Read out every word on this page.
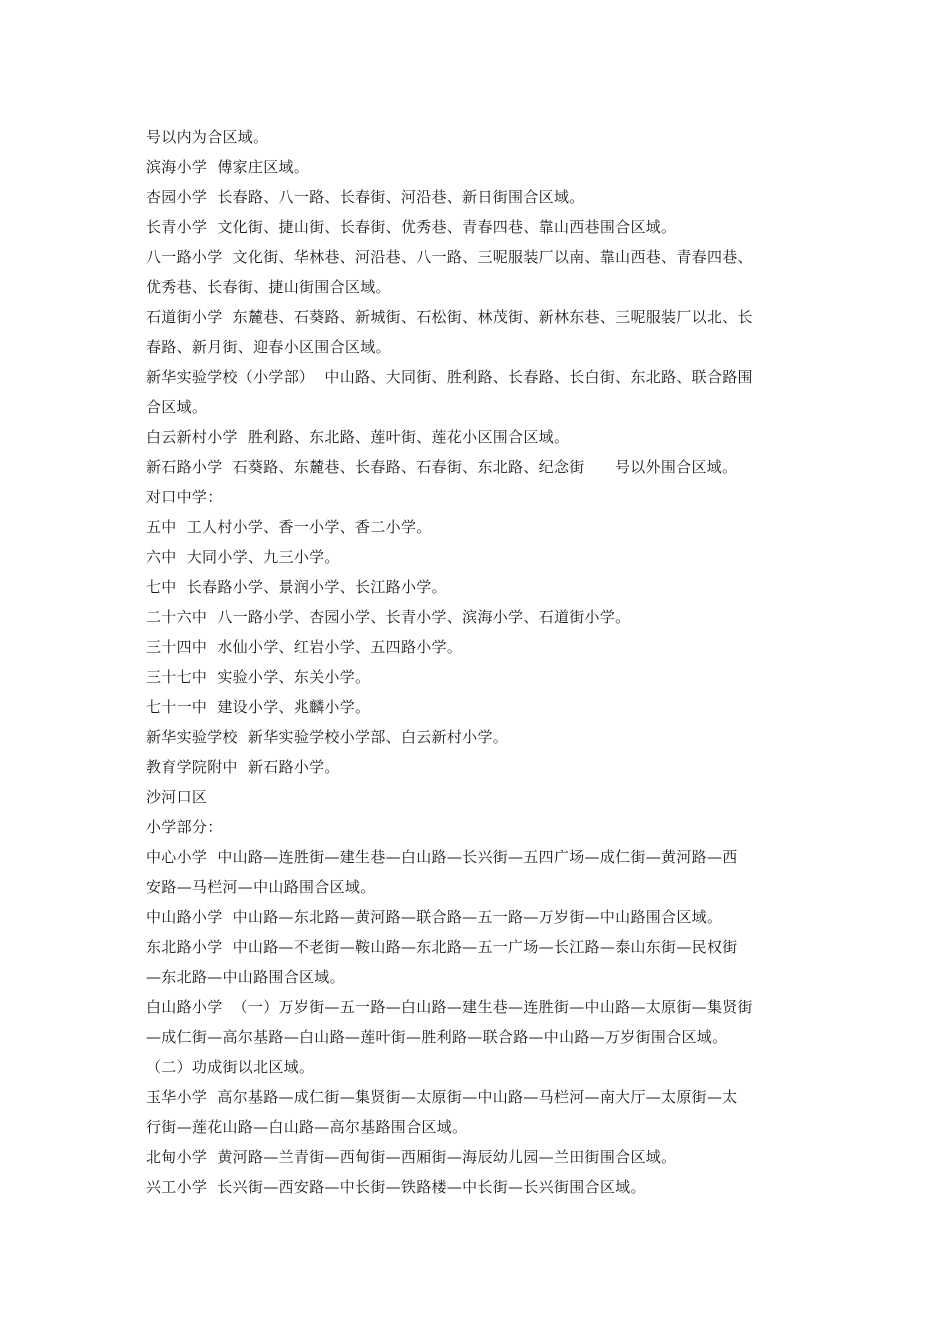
号以内为合区域。
滨海小学  傅家庄区域。
杏园小学  长春路、八一路、长春街、河沿巷、新日街围合区域。
长青小学  文化街、捷山街、长春街、优秀巷、青春四巷、靠山西巷围合区域。
八一路小学  文化街、华林巷、河沿巷、八一路、三呢服装厂以南、靠山西巷、青春四巷、
优秀巷、长春街、捷山街围合区域。
石道街小学  东麓巷、石葵路、新城街、石松街、林茂街、新林东巷、三呢服装厂以北、长
春路、新月街、迎春小区围合区域。
新华实验学校（小学部）  中山路、大同街、胜利路、长春路、长白街、东北路、联合路围
合区域。
白云新村小学  胜利路、东北路、莲叶街、莲花小区围合区域。
新石路小学  石葵路、东麓巷、长春路、石春街、东北路、纪念街      号以外围合区域。
对口中学：
五中  工人村小学、香一小学、香二小学。
六中  大同小学、九三小学。
七中  长春路小学、景润小学、长江路小学。
二十六中  八一路小学、杏园小学、长青小学、滨海小学、石道街小学。
三十四中  水仙小学、红岩小学、五四路小学。
三十七中  实验小学、东关小学。
七十一中  建设小学、兆麟小学。
新华实验学校  新华实验学校小学部、白云新村小学。
教育学院附中  新石路小学。
沙河口区
小学部分：
中心小学  中山路—连胜街—建生巷—白山路—长兴街—五四广场—成仁街—黄河路—西
安路—马栏河—中山路围合区域。
中山路小学  中山路—东北路—黄河路—联合路—五一路—万岁街—中山路围合区域。
东北路小学  中山路—不老街—鞍山路—东北路—五一广场—长江路—泰山东街—民权街
—东北路—中山路围合区域。
白山路小学  （一）万岁街—五一路—白山路—建生巷—连胜街—中山路—太原街—集贤街
—成仁街—高尔基路—白山路—莲叶街—胜利路—联合路—中山路—万岁街围合区域。
（二）功成街以北区域。
玉华小学  高尔基路—成仁街—集贤街—太原街—中山路—马栏河—南大厅—太原街—太
行街—莲花山路—白山路—高尔基路围合区域。
北甸小学  黄河路—兰青街—西甸街—西厢街—海辰幼儿园—兰田街围合区域。
兴工小学  长兴街—西安路—中长街—铁路楼—中长街—长兴街围合区域。
